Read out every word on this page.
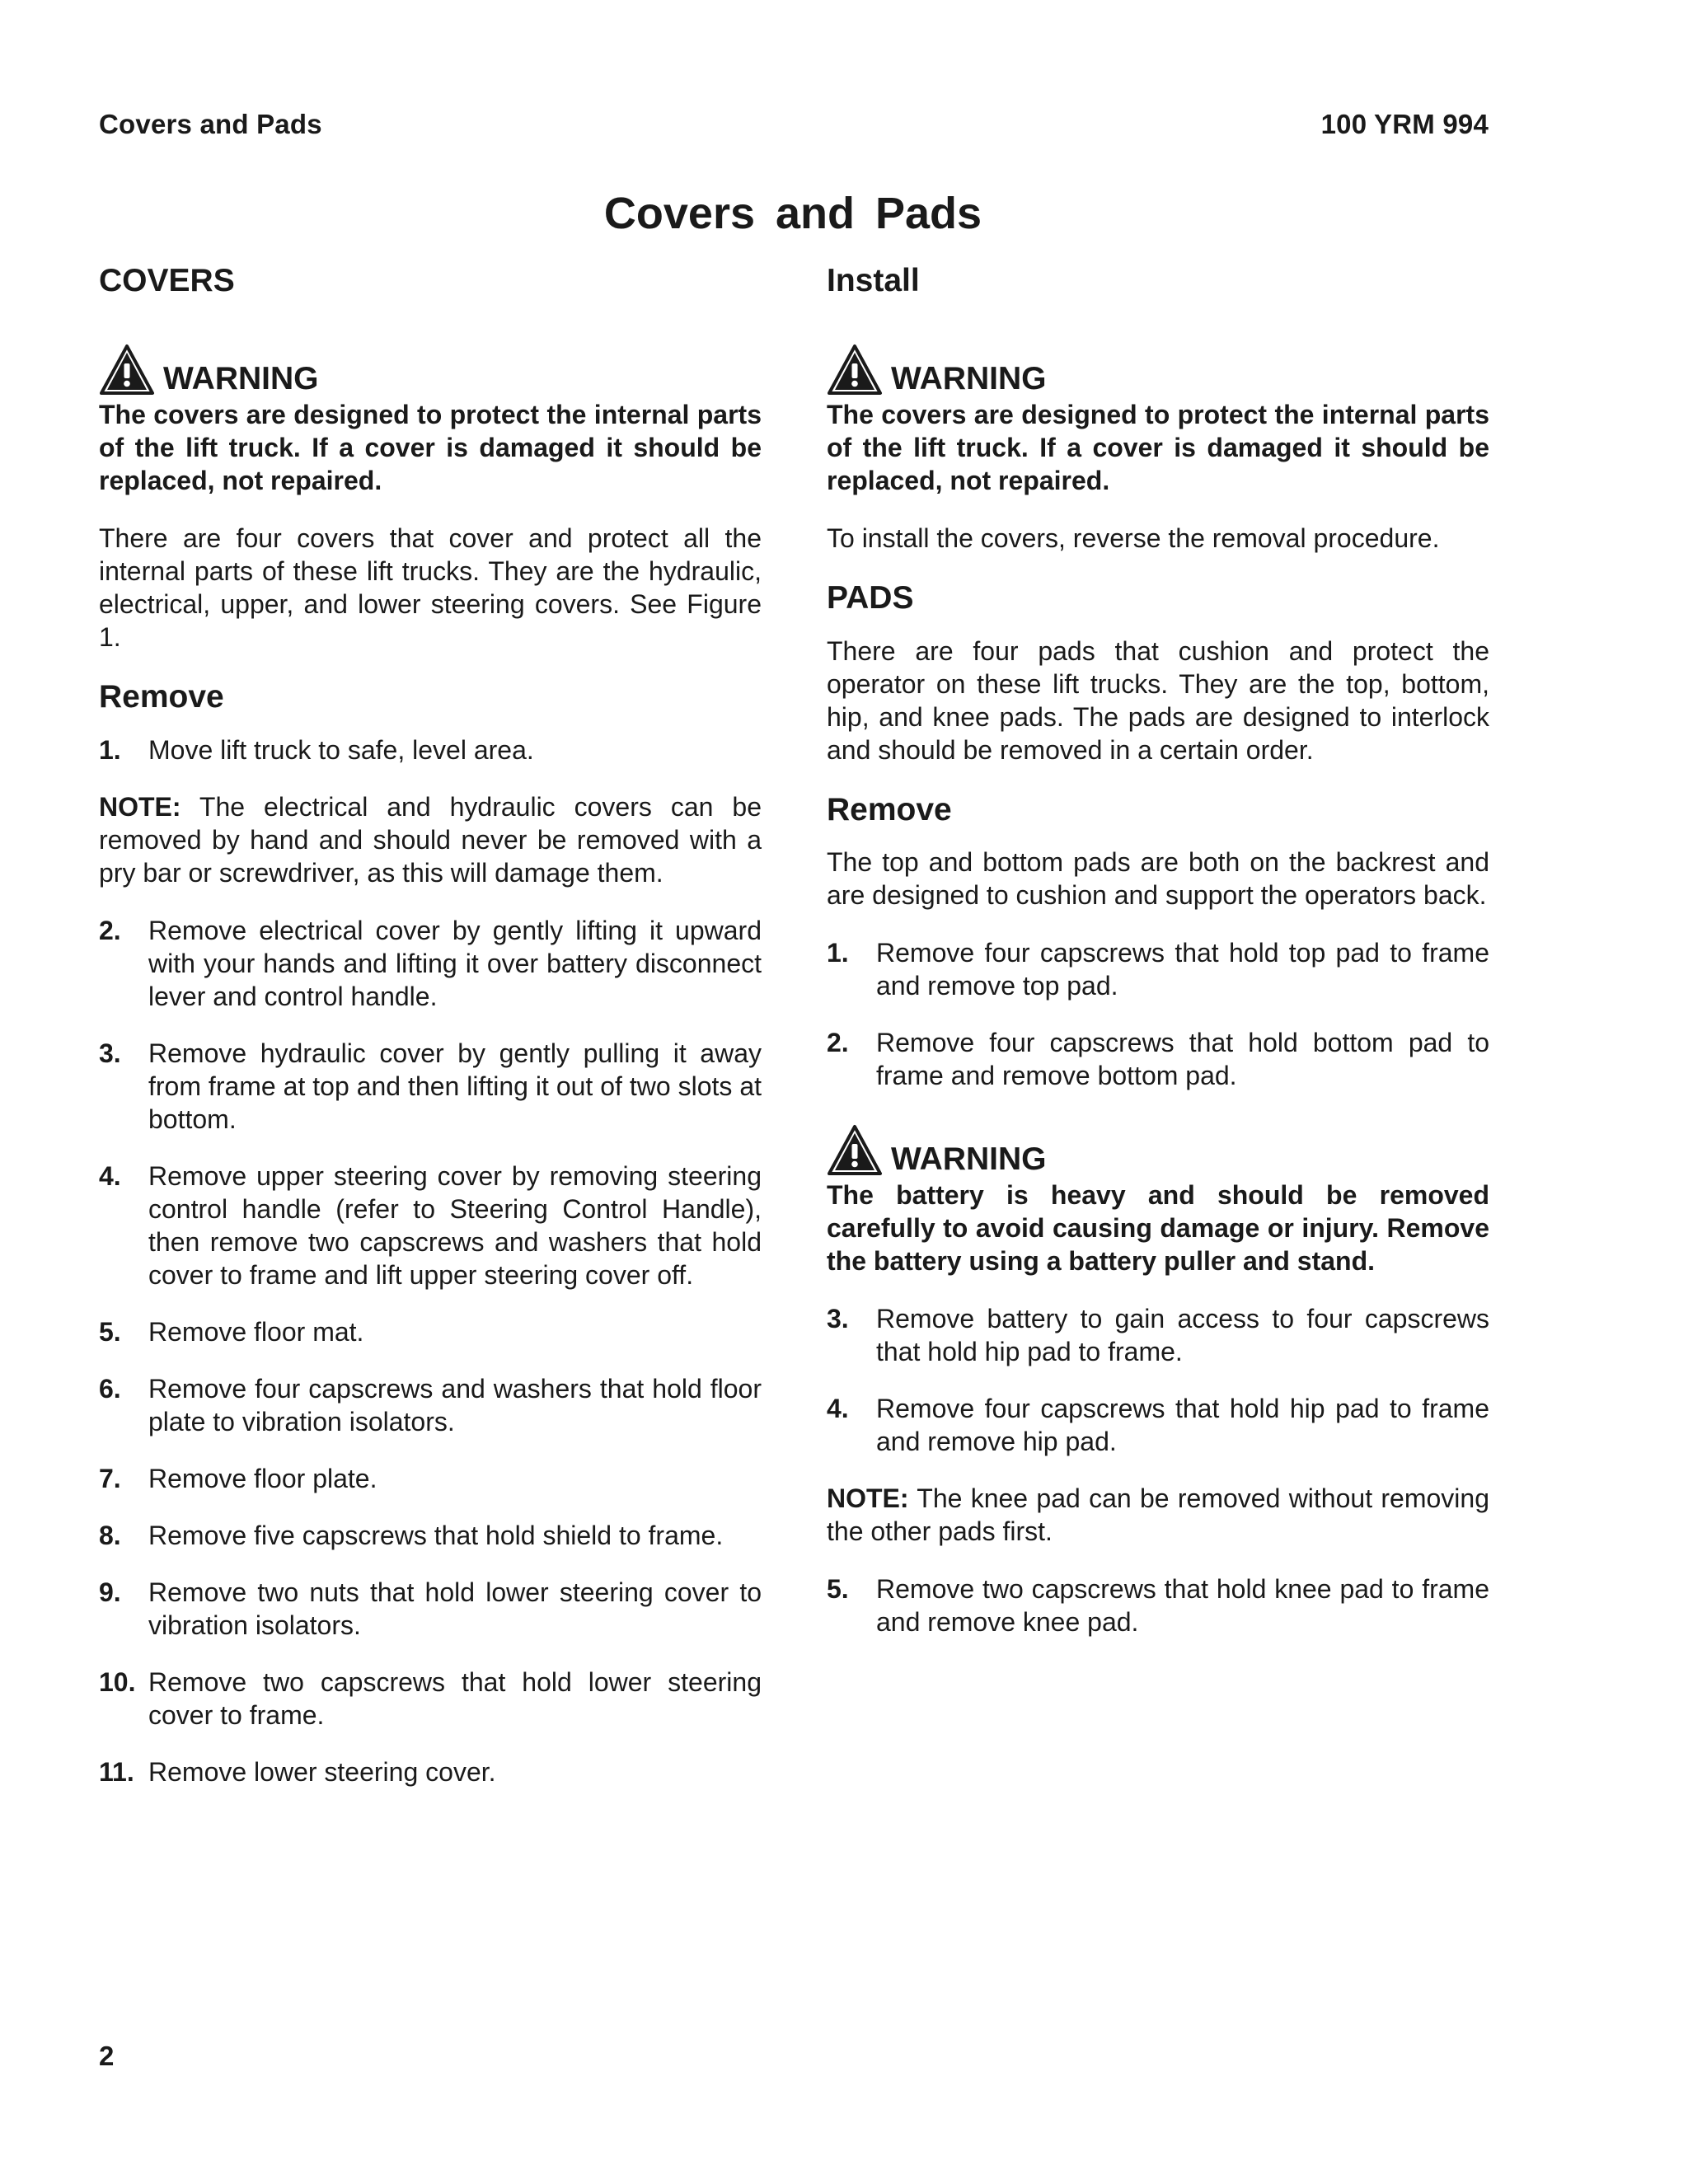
Covers and Pads	100 YRM 994
Covers and Pads
COVERS
WARNING
The covers are designed to protect the internal parts of the lift truck. If a cover is damaged it should be replaced, not repaired.

There are four covers that cover and protect all the internal parts of these lift trucks. They are the hydraulic, electrical, upper, and lower steering covers. See Figure 1.

Remove
1.	Move lift truck to safe, level area.

NOTE: The electrical and hydraulic covers can be removed by hand and should never be removed with a pry bar or screwdriver, as this will damage them.

2.	Remove electrical cover by gently lifting it upward with your hands and lifting it over battery disconnect lever and control handle.
3.	Remove hydraulic cover by gently pulling it away from frame at top and then lifting it out of two slots at bottom.
4.	Remove upper steering cover by removing steering control handle (refer to Steering Control Handle), then remove two capscrews and washers that hold cover to frame and lift upper steering cover off.
5.	Remove floor mat.
6.	Remove four capscrews and washers that hold floor plate to vibration isolators.
7.	Remove floor plate.
8.	Remove five capscrews that hold shield to frame.
9.	Remove two nuts that hold lower steering cover to vibration isolators.
10. Remove two capscrews that hold lower steering cover to frame.
11. Remove lower steering cover.
Install
WARNING
The covers are designed to protect the internal parts of the lift truck. If a cover is damaged it should be replaced, not repaired.

To install the covers, reverse the removal procedure.

PADS

There are four pads that cushion and protect the operator on these lift trucks. They are the top, bottom, hip, and knee pads. The pads are designed to interlock and should be removed in a certain order.

Remove

The top and bottom pads are both on the backrest and are designed to cushion and support the operators back.

1.	Remove four capscrews that hold top pad to frame and remove top pad.
2.	Remove four capscrews that hold bottom pad to frame and remove bottom pad.
WARNING
The battery is heavy and should be removed carefully to avoid causing damage or injury. Remove the battery using a battery puller and stand.
3.	Remove battery to gain access to four capscrews that hold hip pad to frame.
4.	Remove four capscrews that hold hip pad to frame and remove hip pad.

NOTE: The knee pad can be removed without removing the other pads first.

5.	Remove two capscrews that hold knee pad to frame and remove knee pad.
2
